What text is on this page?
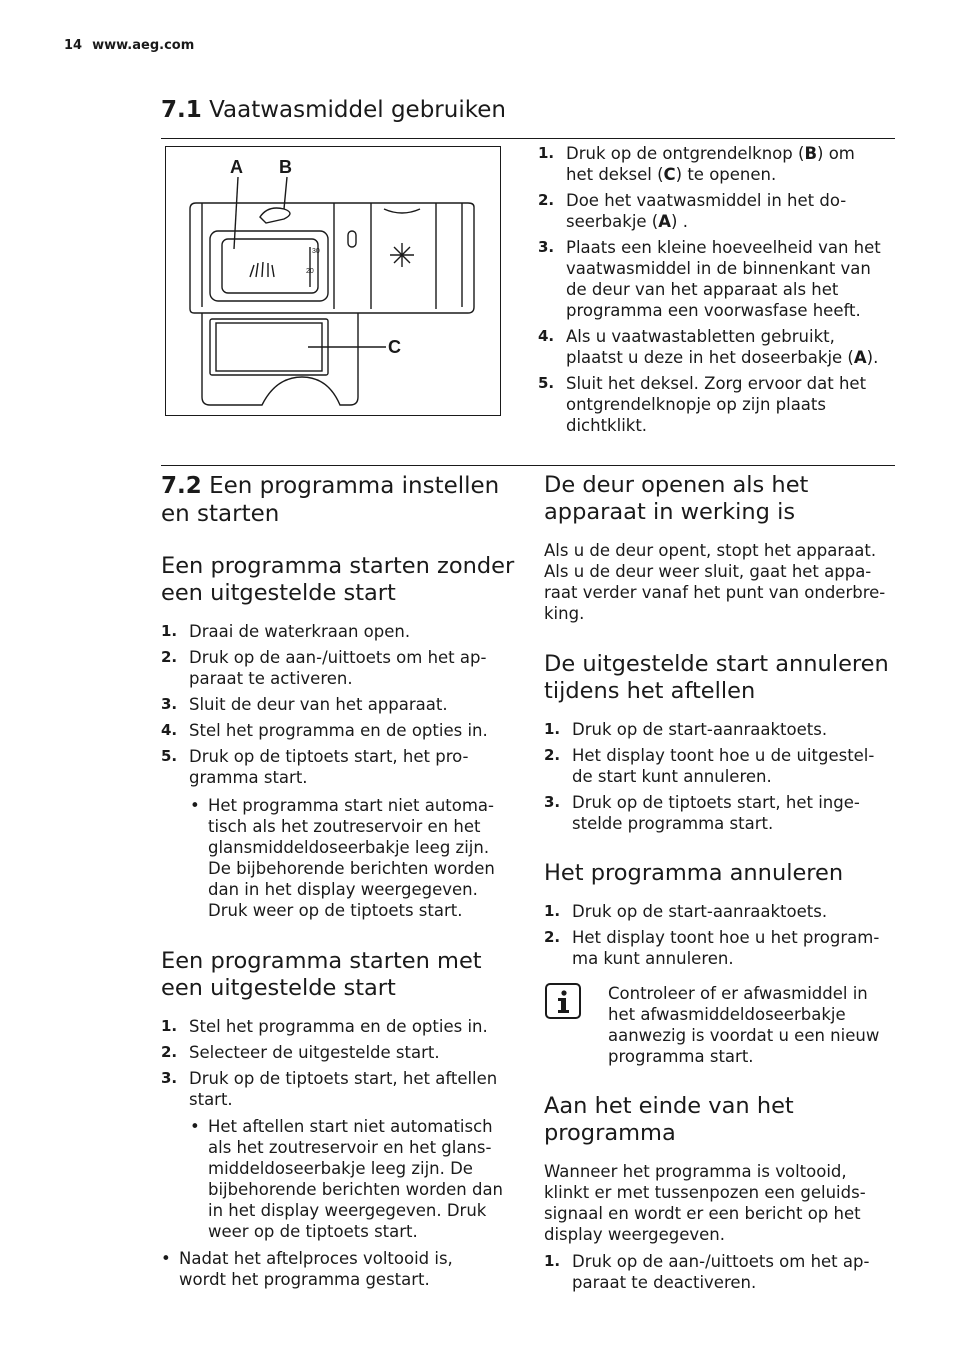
14 www.aeg.com
7.1 Vaatwasmiddel gebruiken
A B
C
30
20
1. Druk op de ontgrendelknop (B) om het deksel (C) te openen.
2. Doe het vaatwasmiddel in het do-seerbakje (A) .
3. Plaats een kleine hoeveelheid van het vaatwasmiddel in de binnenkant van de deur van het apparaat als het programma een voorwasfase heeft.
4. Als u vaatwastabletten gebruikt, plaatst u deze in het doseerbakje (A).
5. Sluit het deksel. Zorg ervoor dat het ontgrendelknopje op zijn plaats dichtklikt.
7.2 Een programma instellen en starten
Een programma starten zonder een uitgestelde start
1. Draai de waterkraan open.
2. Druk op de aan-/uittoets om het ap-paraat te activeren.
3. Sluit de deur van het apparaat.
4. Stel het programma en de opties in.
5. Druk op de tiptoets start, het pro-gramma start.
• Het programma start niet automa-tisch als het zoutreservoir en het glansmiddeldoseerbakje leeg zijn. De bijbehorende berichten worden dan in het display weergegeven. Druk weer op de tiptoets start.
Een programma starten met een uitgestelde start
1. Stel het programma en de opties in.
2. Selecteer de uitgestelde start.
3. Druk op de tiptoets start, het aftellen start.
• Het aftellen start niet automatisch als het zoutreservoir en het glans-middeldoseerbakje leeg zijn. De bijbehorende berichten worden dan in het display weergegeven. Druk weer op de tiptoets start.
• Nadat het aftelproces voltooid is, wordt het programma gestart.
De deur openen als het apparaat in werking is

Als u de deur opent, stopt het apparaat. Als u de deur weer sluit, gaat het appa-raat verder vanaf het punt van onderbre-king.

De uitgestelde start annuleren tijdens het aftellen
1. Druk op de start-aanraaktoets.
2. Het display toont hoe u de uitgestel-de start kunt annuleren.
3. Druk op de tiptoets start, het inge-stelde programma start.
Het programma annuleren
1. Druk op de start-aanraaktoets.
2. Het display toont hoe u het program-ma kunt annuleren.

Controleer of er afwasmiddel in het afwasmiddeldoseerbakje aanwezig is voordat u een nieuw programma start.

Aan het einde van het programma

Wanneer het programma is voltooid, klinkt er met tussenpozen een geluids-signaal en wordt er een bericht op het display weergegeven.

1. Druk op de aan-/uittoets om het ap-paraat te deactiveren.
